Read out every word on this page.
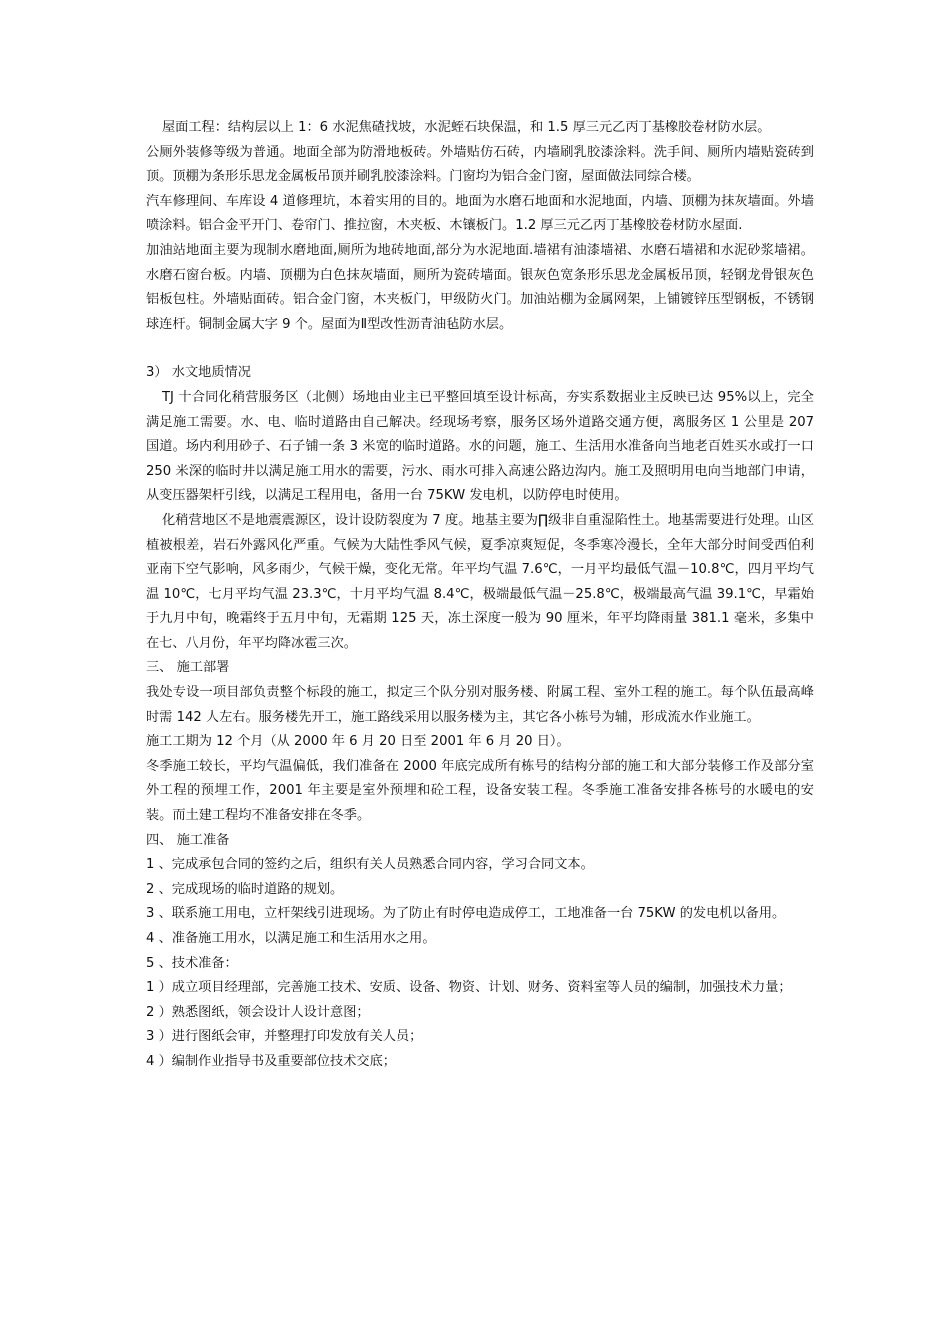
屋面工程：结构层以上 1：6 水泥焦碴找坡，水泥蛭石块保温，和 1.5 厚三元乙丙丁基橡胶卷材防水层。

公厕外装修等级为普通。地面全部为防滑地板砖。外墙贴仿石砖，内墙刷乳胶漆涂料。洗手间、厕所内墙贴瓷砖到顶。顶棚为条形乐思龙金属板吊顶并刷乳胶漆涂料。门窗均为铝合金门窗，屋面做法同综合楼。

汽车修理间、车库设 4 道修理坑，本着实用的目的。地面为水磨石地面和水泥地面，内墙、顶棚为抹灰墙面。外墙喷涂料。铝合金平开门、卷帘门、推拉窗，木夹板、木镶板门。1.2 厚三元乙丙丁基橡胶卷材防水屋面.

加油站地面主要为现制水磨地面,厕所为地砖地面,部分为水泥地面.墙裙有油漆墙裙、水磨石墙裙和水泥砂浆墙裙。水磨石窗台板。内墙、顶棚为白色抹灰墙面，厕所为瓷砖墙面。银灰色宽条形乐思龙金属板吊顶，轻钢龙骨银灰色铝板包柱。外墙贴面砖。铝合金门窗，木夹板门，甲级防火门。加油站棚为金属网架，上铺镀锌压型钢板，不锈钢球连杆。铜制金属大字 9 个。屋面为Ⅱ型改性沥青油毡防水层。

3） 水文地质情况

TJ 十合同化稍营服务区（北侧）场地由业主已平整回填至设计标高，夯实系数据业主反映已达 95%以上，完全满足施工需要。水、电、临时道路由自己解决。经现场考察，服务区场外道路交通方便，离服务区 1 公里是 207 国道。场内利用砂子、石子铺一条 3 米宽的临时道路。水的问题，施工、生活用水准备向当地老百姓买水或打一口 250 米深的临时井以满足施工用水的需要，污水、雨水可排入高速公路边沟内。施工及照明用电向当地部门申请，从变压器架杆引线，以满足工程用电，备用一台 75KW 发电机，以防停电时使用。

化稍营地区不是地震震源区，设计设防裂度为 7 度。地基主要为∏级非自重湿陷性土。地基需要进行处理。山区植被根差，岩石外露风化严重。气候为大陆性季风气候，夏季凉爽短促，冬季寒冷漫长，全年大部分时间受西伯利亚南下空气影响，风多雨少，气候干燥，变化无常。年平均气温 7.6℃，一月平均最低气温－10.8℃，四月平均气温 10℃，七月平均气温 23.3℃，十月平均气温 8.4℃，极端最低气温－25.8℃，极端最高气温 39.1℃，早霜始于九月中旬，晚霜终于五月中旬，无霜期 125 天，冻土深度一般为 90 厘米，年平均降雨量 381.1 毫米，多集中在七、八月份，年平均降冰雹三次。

三、 施工部署

我处专设一项目部负责整个标段的施工，拟定三个队分别对服务楼、附属工程、室外工程的施工。每个队伍最高峰时需 142 人左右。服务楼先开工，施工路线采用以服务楼为主，其它各小栋号为辅，形成流水作业施工。

施工工期为 12 个月（从 2000 年 6 月 20 日至 2001 年 6 月 20 日）。

冬季施工较长，平均气温偏低，我们准备在 2000 年底完成所有栋号的结构分部的施工和大部分装修工作及部分室外工程的预埋工作，2001 年主要是室外预埋和砼工程，设备安装工程。冬季施工准备安排各栋号的水暖电的安装。而土建工程均不准备安排在冬季。

四、 施工准备

1 、完成承包合同的签约之后，组织有关人员熟悉合同内容，学习合同文本。

2 、完成现场的临时道路的规划。

3 、联系施工用电，立杆架线引进现场。为了防止有时停电造成停工，工地准备一台 75KW 的发电机以备用。

4 、准备施工用水，以满足施工和生活用水之用。

5 、技术准备：

1 ）成立项目经理部，完善施工技术、安质、设备、物资、计划、财务、资料室等人员的编制，加强技术力量；

2 ）熟悉图纸，领会设计人设计意图；

3 ）进行图纸会审，并整理打印发放有关人员；

4 ）编制作业指导书及重要部位技术交底；
